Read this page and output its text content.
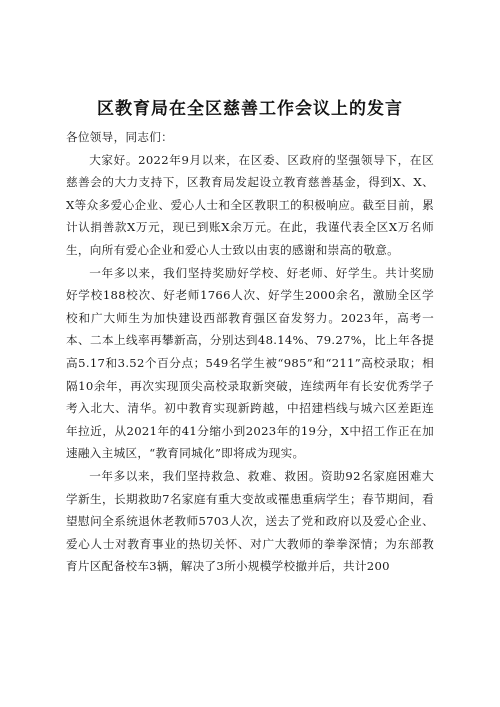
区教育局在全区慈善工作会议上的发言

各位领导，同志们：

大家好。2022年9月以来，在区委、区政府的坚强领导下，在区慈善会的大力支持下，区教育局发起设立教育慈善基金，得到X、X、X等众多爱心企业、爱心人士和全区教职工的积极响应。截至目前，累计认捐善款X万元，现已到账X余万元。在此，我谨代表全区X万名师生，向所有爱心企业和爱心人士致以由衷的感谢和崇高的敬意。

一年多以来，我们坚持奖励好学校、好老师、好学生。共计奖励好学校188校次、好老师1766人次、好学生2000余名，激励全区学校和广大师生为加快建设西部教育强区奋发努力。2023年，高考一本、二本上线率再攀新高，分别达到48.14%、79.27%，比上年各提高5.17和3.52个百分点；549名学生被“985”和“211”高校录取；相隔10余年，再次实现顶尖高校录取新突破，连续两年有长安优秀学子考入北大、清华。初中教育实现新跨越，中招建档线与城六区差距连年拉近，从2021年的41分缩小到2023年的19分，X中招工作正在加速融入主城区，“教育同城化”即将成为现实。

一年多以来，我们坚持救急、救难、救困。资助92名家庭困难大学新生，长期救助7名家庭有重大变故或罹患重病学生；春节期间，看望慰问全系统退休老教师5703人次，送去了党和政府以及爱心企业、爱心人士对教育事业的热切关怀、对广大教师的拳拳深情；为东部教育片区配备校车3辆，解决了3所小规模学校撤并后，共计200
